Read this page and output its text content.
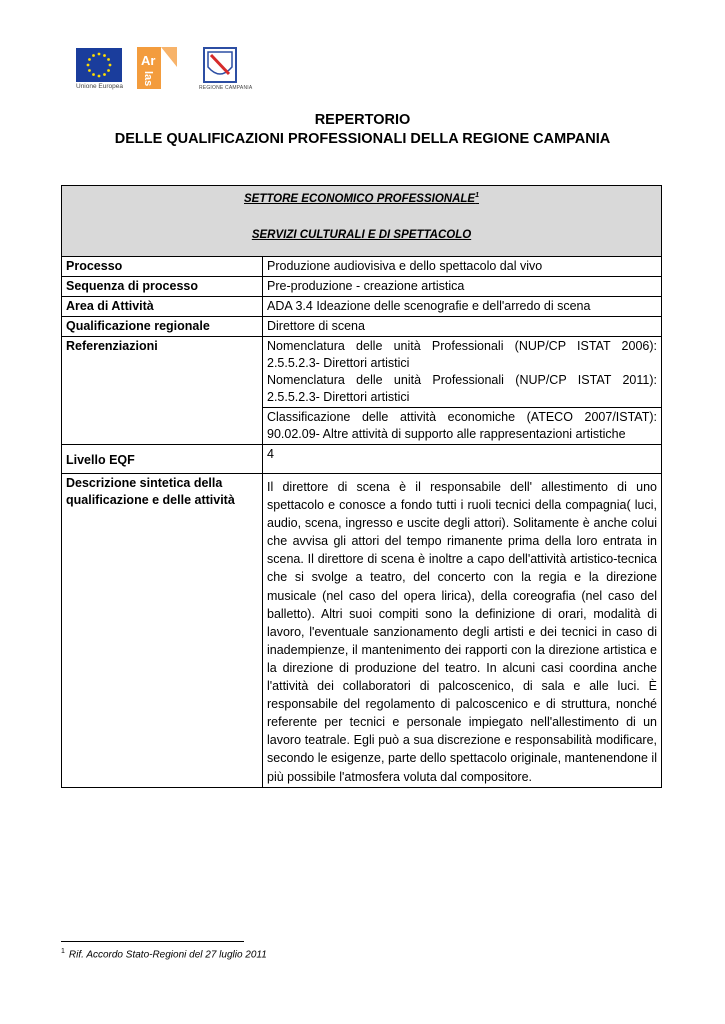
Unione Europea
Ar
las
REGIONE CAMPANIA
REPERTORIO
DELLE QUALIFICAZIONI PROFESSIONALI DELLA REGIONE CAMPANIA
SETTORE ECONOMICO PROFESSIONALE$^1$
SERVIZI CULTURALI E DI SPETTACOLO	

Processo	Produzione audiovisiva e dello spettacolo dal vivo
Sequenza di processo	Pre-produzione - creazione artistica
Area di Attività	ADA 3.4 Ideazione delle scenografie e dell'arredo di scena
Qualificazione regionale	Direttore di scena
Referenziazioni	Nomenclatura delle unità Professionali (NUP/CP ISTAT 2006): 2.5.5.2.3- Direttori artistici
Nomenclatura delle unità Professionali (NUP/CP ISTAT 2011): 2.5.5.2.3- Direttori artistici

	Classificazione delle attività economiche (ATECO 2007/ISTAT): 90.02.09- Altre attività di supporto alle rappresentazioni artistiche
Livello EQF	4
Descrizione sintetica della qualificazione e delle attività	Il direttore di scena è il responsabile dell' allestimento di uno spettacolo e conosce a fondo tutti i ruoli tecnici della compagnia( luci, audio, scena, ingresso e uscite degli attori). Solitamente è anche colui che avvisa gli attori del tempo rimanente prima della loro entrata in scena. Il direttore di scena è inoltre a capo dell'attività artistico-tecnica che si svolge a teatro, del concerto con la regia e la direzione musicale (nel caso del opera lirica), della coreografia (nel caso del balletto). Altri suoi compiti sono la definizione di orari, modalità di lavoro, l'eventuale sanzionamento degli artisti e dei tecnici in caso di inadempienze, il mantenimento dei rapporti con la direzione artistica e la direzione di produzione del teatro. In alcuni casi coordina anche l'attività dei collaboratori di palcoscenico, di sala e alle luci. È responsabile del regolamento di palcoscenico e di struttura, nonché referente per tecnici e personale impiegato nell'allestimento di un lavoro teatrale. Egli può a sua discrezione e responsabilità modificare, secondo le esigenze, parte dello spettacolo originale, mantenendone il più possibile l'atmosfera voluta dal compositore.
$^1$ Rif. Accordo Stato-Regioni del 27 luglio 2011
